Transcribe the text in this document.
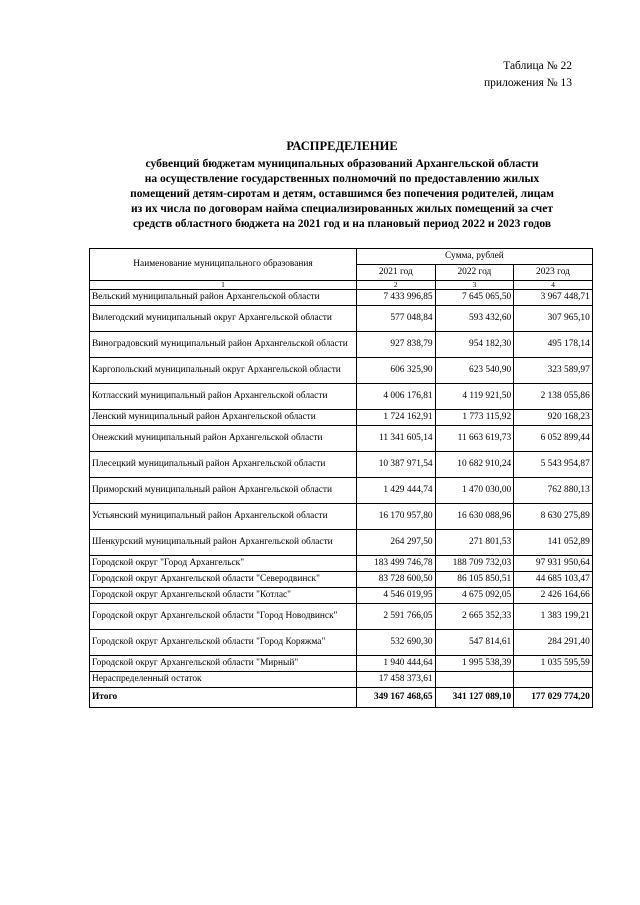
Таблица № 22
приложения № 13
РАСПРЕДЕЛЕНИЕ
субвенций бюджетам муниципальных образований Архангельской области
на осуществление государственных полномочий по предоставлению жилых
помещений детям-сиротам и детям, оставшимся без попечения родителей, лицам
из их числа по договорам найма специализированных жилых помещений за счет
средств областного бюджета на 2021 год и на плановый период 2022 и 2023 годов
Наименование муниципального образования	Сумма, рублей		
	2021 год	2022 год	2023 год
1	2	3	4
Вельский муниципальный район Архангельской области	7 433 996,85	7 645 065,50	3 967 448,71
Вилегодский муниципальный округ Архангельской области	577 048,84	593 432,60	307 965,10
Виноградовский муниципальный район Архангельской области	927 838,79	954 182,30	495 178,14
Каргопольский муниципальный округ Архангельской области	606 325,90	623 540,90	323 589,97
Котласский муниципальный район Архангельской области	4 006 176,81	4 119 921,50	2 138 055,86
Ленский муниципальный район Архангельской области	1 724 162,91	1 773 115,92	920 168,23
Онежский муниципальный район Архангельской области	11 341 605,14	11 663 619,73	6 052 899,44
Плесецкий муниципальный район Архангельской области	10 387 971,54	10 682 910,24	5 543 954,87
Приморский муниципальный район Архангельской области	1 429 444,74	1 470 030,00	762 880,13
Устьянский муниципальный район Архангельской области	16 170 957,80	16 630 088,96	8 630 275,89
Шенкурский муниципальный район Архангельской области	264 297,50	271 801,53	141 052,89
Городской округ "Город Архангельск"	183 499 746,78	188 709 732,03	97 931 950,64
Городской округ Архангельской области "Северодвинск"	83 728 600,50	86 105 850,51	44 685 103,47
Городской округ Архангельской области "Котлас"	4 546 019,95	4 675 092,05	2 426 164,66
Городской округ Архангельской области "Город Новодвинск"	2 591 766,05	2 665 352,33	1 383 199,21
Городской округ Архангельской области "Город Коряжма"	532 690,30	547 814,61	284 291,40
Городской округ Архангельской области "Мирный"	1 940 444,64	1 995 538,39	1 035 595,59
Нераспределенный остаток	17 458 373,61		
Итого	349 167 468,65	341 127 089,10	177 029 774,20
